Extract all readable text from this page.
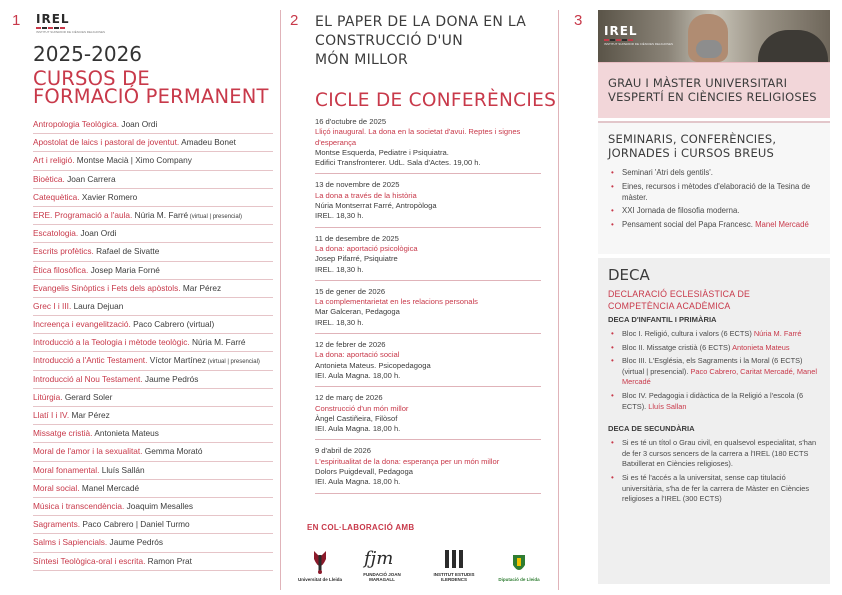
1 IREL
INSTITUT SUPERIOR DE CIÈNCIES RELIGIOSES
2025-2026
CURSOS DE
FORMACIÓ PERMANENT
Antropologia Teològica. Joan Ordi
Apostolat de laics i pastoral de joventut. Amadeu Bonet
Art i religió. Montse Macià | Ximo Company
Bioètica. Joan Carrera
Catequètica. Xavier Romero
ERE. Programació a l'aula. Núria M. Farré (virtual | presencial)
Escatologia. Joan Ordi
Escrits profètics. Rafael de Sivatte
Ètica filosòfica. Josep Maria Forné
Evangelis Sinòptics i Fets dels apòstols. Mar Pérez
Grec I i III. Laura Dejuan
Increença i evangelització. Paco Cabrero (virtual)
Introducció a la Teologia i mètode teològic. Núria M. Farré
Introducció a l'Antic Testament. Víctor Martínez (virtual | presencial)
Introducció al Nou Testament. Jaume Pedrós
Litúrgia. Gerard Soler
Llatí I i IV. Mar Pérez
Missatge cristià. Antonieta Mateus
Moral de l'amor i la sexualitat. Gemma Morató
Moral fonamental. Lluís Sallán
Moral social. Manel Mercadé
Música i transcendència. Joaquim Mesalles
Sagraments. Paco Cabrero | Daniel Turmo
Salms i Sapiencials. Jaume Pedrós
Síntesi Teològica-oral i escrita. Ramon Prat
2 EL PAPER DE LA DONA EN LA
CONSTRUCCIÓ D'UN
MÓN MILLOR
CICLE DE CONFERÈNCIES
16 d'octubre de 2025
Lliçó inaugural. La dona en la societat d'avui. Reptes i signes d'esperança
Montse Esquerda, Pediatre i Psiquiatra.
Edifici Transfronterer. UdL. Sala d'Actes. 19,00 h.
13 de novembre de 2025
La dona a través de la història
Núria Montserrat Farré, Antropòloga
IREL. 18,30 h.
11 de desembre de 2025
La dona: aportació psicològica
Josep Pifarré, Psiquiatre
IREL. 18,30 h.
15 de gener de 2026
La complementarietat en les relacions personals
Mar Galceran, Pedagoga
IREL. 18,30 h.
12 de febrer de 2026
La dona: aportació social
Antonieta Mateus. Psicopedagoga
IEI. Aula Magna. 18,00 h.
12 de març de 2026
Construcció d'un món millor
Àngel Castiñeira, Filòsof
IEI. Aula Magna. 18,00 h.
9 d'abril de 2026
L'espiritualitat de la dona: esperança per un món millor
Dolors Puigdevall, Pedagoga
IEI. Aula Magna. 18,00 h.
EN COL·LABORACIÓ AMB
Universitat de Lleida
fjm
FUNDACIÓ JOAN MARAGALL
INSTITUT ESTUDIS ILERDENCS	Diputació de Lleida
3
IREL
INSTITUT SUPERIOR DE CIÈNCIES RELIGIOSES
GRAU I MÀSTER UNIVERSITARI
VESPERTÍ EN CIÈNCIES RELIGIOSES
SEMINARIS, CONFERÈNCIES,
JORNADES i CURSOS BREUS
• Seminari 'Atri dels gentils'.
• Eines, recursos i mètodes d'elaboració de la Tesina de màster.
• XXI Jornada de filosofia moderna.
• Pensament social del Papa Francesc. Manel Mercadé
DECA
DECLARACIÓ ECLESIÀSTICA DE
COMPETÈNCIA ACADÈMICA
DECA D'INFANTIL I PRIMÀRIA
• Bloc I. Religió, cultura i valors (6 ECTS) Núria M. Farré
• Bloc II. Missatge cristià (6 ECTS) Antonieta Mateus
• Bloc III. L'Església, els Sagraments i la Moral (6 ECTS) (virtual | presencial). Paco Cabrero, Caritat Mercadé, Manel Mercadé
• Bloc IV. Pedagogia i didàctica de la Religió a l'escola (6 ECTS). Lluís Sallan
DECA DE SECUNDÀRIA
• Si es té un títol o Grau civil, en qualsevol especialitat, s'han de fer 3 cursos sencers de la carrera a l'IREL (180 ECTS Batxillerat en Ciències religioses).
• Si es té l'accés a la universitat, sense cap titulació universitària, s'ha de fer la carrera de Màster en Ciències religioses a l'IREL (300 ECTS)
